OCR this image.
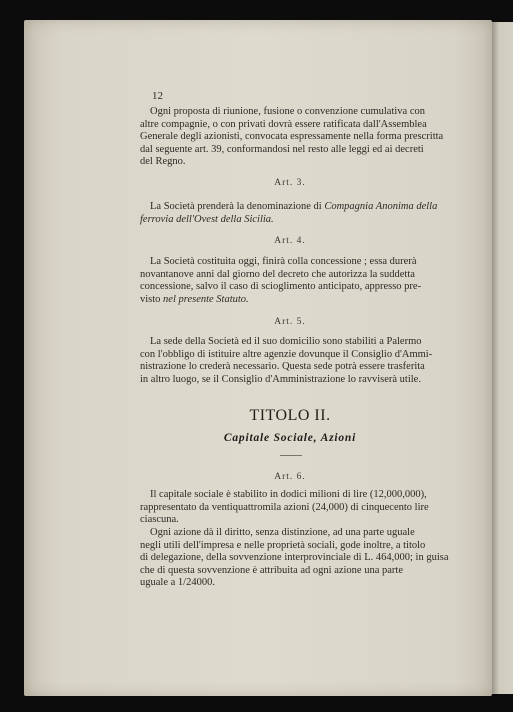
12
Ogni proposta di riunione, fusione o convenzione cumulativa con
altre compagnie, o con privati dovrà essere ratificata dall'Assemblea
Generale degli azionisti, convocata espressamente nella forma prescritta
dal seguente art. 39, conformandosi nel resto alle leggi ed ai decreti
del Regno.
Art. 3.
La Società prenderà la denominazione di Compagnia Anonima della
ferrovia dell'Ovest della Sicilia.
Art. 4.
La Società costituita oggi, finirà colla concessione ; essa durerà
novantanove anni dal giorno del decreto che autorizza la suddetta
concessione, salvo il caso di scioglimento anticipato, appresso pre-
visto nel presente Statuto.
Art. 5.
La sede della Società ed il suo domicilio sono stabiliti a Palermo
con l'obbligo di istituire altre agenzie dovunque il Consiglio d'Ammi-
nistrazione lo crederà necessario. Questa sede potrà essere trasferita
in altro luogo, se il Consiglio d'Amministrazione lo ravviserà utile.
TITOLO II.
Capitale Sociale, Azioni
Art. 6.
Il capitale sociale è stabilito in dodici milioni di lire (12,000,000),
rappresentato da ventiquattromila azioni (24,000) di cinquecento lire
ciascuna.
Ogni azione dà il diritto, senza distinzione, ad una parte uguale
negli utili dell'impresa e nelle proprietà sociali, gode inoltre, a titolo
di delegazione, della sovvenzione interprovinciale di L. 464,000; in guisa
che di questa sovvenzione è attribuita ad ogni azione una parte
uguale a 1/24000.
